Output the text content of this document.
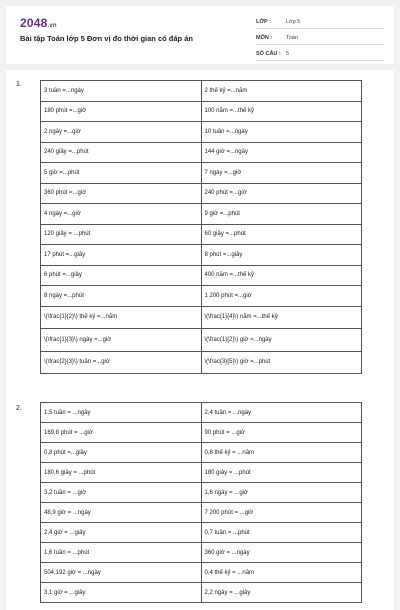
2048.vn
Bài tập Toán lớp 5 Đơn vị đo thời gian có đáp án
LỚP :	Lớp 5
MÔN :	Toán
SỐ CÂU : 5
1.
3 tuần =...ngày	2 thế kỷ =...năm
180 phút =...giờ	100 năm =...thế kỷ
2 ngày =...giờ	10 tuần =...ngày
240 giây =...phút	144 giờ =...ngày
5 giờ =...phút	7 ngày =...giờ
360 phút =...giờ	240 phút =...giờ
4 ngày =...giờ	9 giờ =...phút
120 giây = ...phút	60 giây =...phút
17 phút =...giây	8 phút =...giây
6 phút =...giây	400 năm =...thế kỷ
8 ngày =...phút	1 200 phút =...giờ
\(\frac{1}{2}\) thế kỷ =...năm	\(\frac{1}{4}\) năm =...thế kỷ
\(\frac{1}{3}\) ngày =...giờ	\(\frac{1}{2}\) giờ =...ngày
\(\frac{2}{3}\) tuần =...giờ	\(\frac{3}{5}\) giờ =...phút
2.
1,5 tuần = ...ngày	2,4 tuần = ...ngày
169,8 phút = ...giờ	90 phút = ...giờ
0,8 phút =...giây	0,8 thế kỷ = ...năm
180,6 giây = ...phút	180 giây = ...phút
3,2 tuần = ...giờ	1,6 ngày = ...giờ
48,9 giờ = ...ngày	7 200 phút = ...giờ
2,4 giờ = ...giây	0,7 tuần = ...phút
1,6 tuần = ...phút	360 giờ = ...ngày
504,192 giờ = ...ngày	0,4 thế kỷ = ...năm
3,1 giờ = ...giây	2,2 ngày = ...giây
